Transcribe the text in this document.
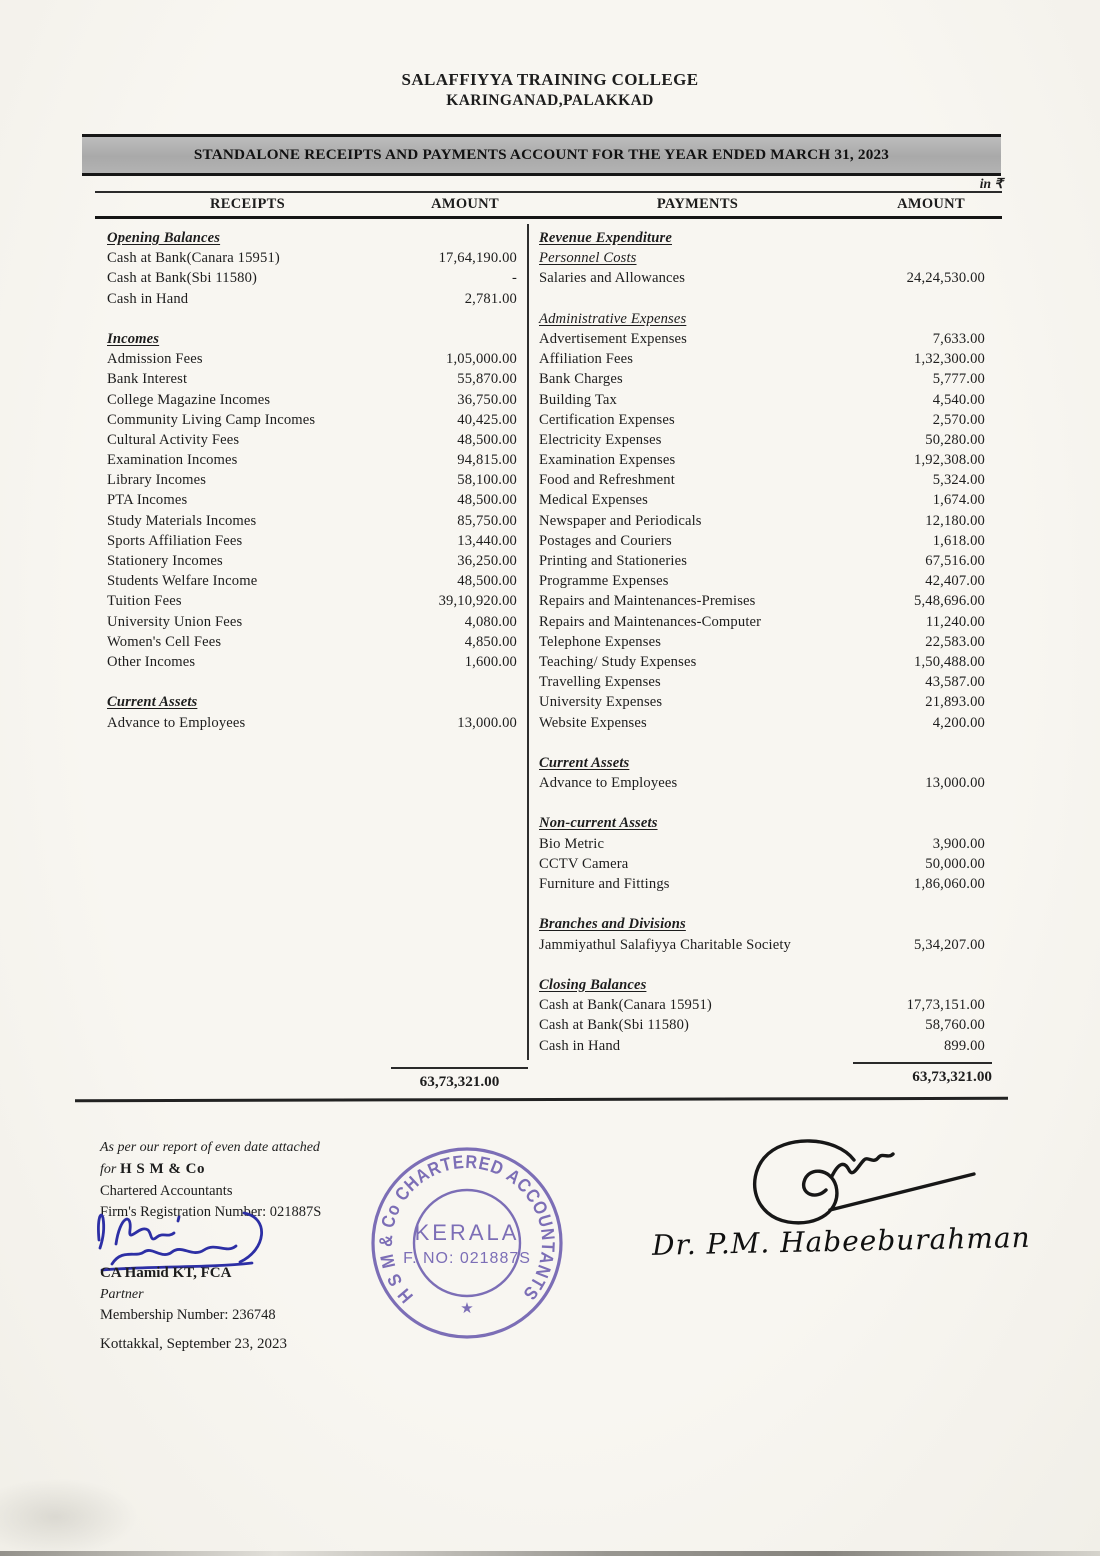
SALAFFIYYA TRAINING COLLEGE
KARINGANAD,PALAKKAD
STANDALONE RECEIPTS AND PAYMENTS ACCOUNT FOR THE YEAR ENDED MARCH 31, 2023
in ₹
RECEIPTS	AMOUNT	PAYMENTS	AMOUNT
Opening Balances
Cash at Bank(Canara 15951)	17,64,190.00
Cash at Bank(Sbi 11580)	-
Cash in Hand	2,781.00
Incomes
Admission Fees	1,05,000.00
Bank Interest	55,870.00
College Magazine Incomes	36,750.00
Community Living Camp Incomes	40,425.00
Cultural Activity Fees	48,500.00
Examination Incomes	94,815.00
Library Incomes	58,100.00
PTA Incomes	48,500.00
Study Materials Incomes	85,750.00
Sports Affiliation Fees	13,440.00
Stationery Incomes	36,250.00
Students Welfare Income	48,500.00
Tuition Fees	39,10,920.00
University Union Fees	4,080.00
Women's Cell Fees	4,850.00
Other Incomes	1,600.00
Current Assets
Advance to Employees	13,000.00
Revenue Expenditure
Personnel Costs
Salaries and Allowances	24,24,530.00
Administrative Expenses
Advertisement Expenses	7,633.00
Affiliation Fees	1,32,300.00
Bank Charges	5,777.00
Building Tax	4,540.00
Certification Expenses	2,570.00
Electricity Expenses	50,280.00
Examination Expenses	1,92,308.00
Food and Refreshment	5,324.00
Medical Expenses	1,674.00
Newspaper and Periodicals	12,180.00
Postages and Couriers	1,618.00
Printing and Stationeries	67,516.00
Programme Expenses	42,407.00
Repairs and Maintenances-Premises	5,48,696.00
Repairs and Maintenances-Computer	11,240.00
Telephone Expenses	22,583.00
Teaching/ Study Expenses	1,50,488.00
Travelling Expenses	43,587.00
University Expenses	21,893.00
Website Expenses	4,200.00
Current Assets
Advance to Employees	13,000.00
Non-current Assets
Bio Metric	3,900.00
CCTV Camera	50,000.00
Furniture and Fittings	1,86,060.00
Branches and Divisions
Jammiyathul Salafiyya Charitable Society	5,34,207.00
Closing Balances
Cash at Bank(Canara 15951)	17,73,151.00
Cash at Bank(Sbi 11580)	58,760.00
Cash in Hand	899.00
63,73,321.00	63,73,321.00
As per our report of even date attached
for H S M & Co
Chartered Accountants
Firm's Registration Number: 021887S
CA Hamid KT, FCA
Partner
Membership Number: 236748
Kottakkal, September 23, 2023
H S M & Co CHARTERED ACCOUNTANTS
★
KERALA
F. NO: 021887S	Dr. P.M. Habeeburahman
